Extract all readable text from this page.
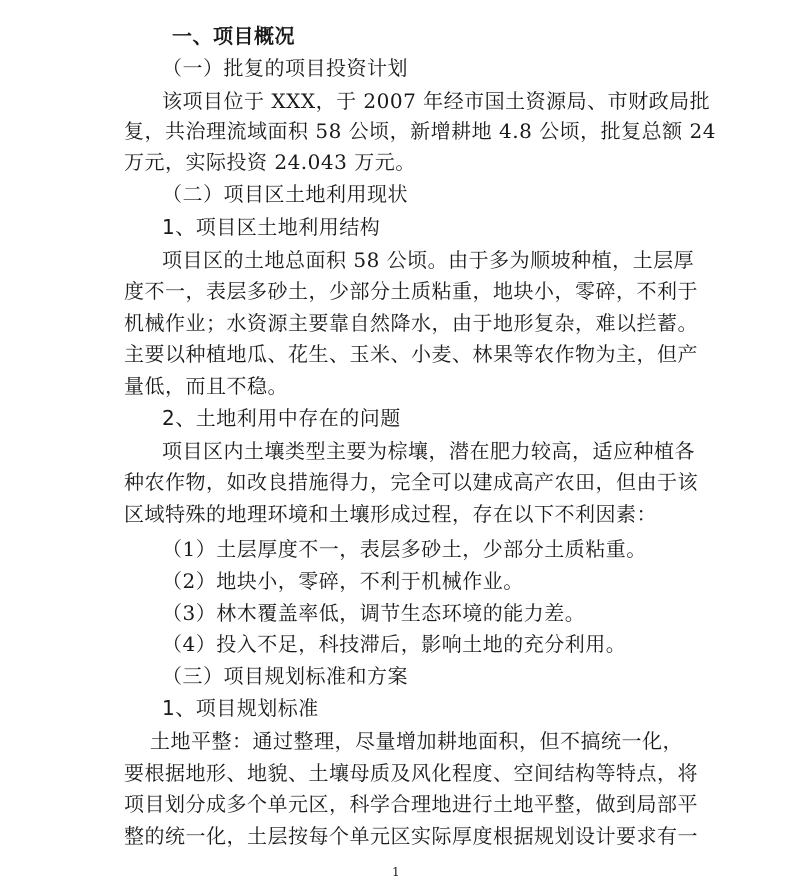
一、项目概况
（一）批复的项目投资计划
该项目位于 XXX，于 2007 年经市国土资源局、市财政局批
复，共治理流域面积 58 公顷，新增耕地 4.8 公顷，批复总额 24
万元，实际投资 24.043 万元。
（二）项目区土地利用现状
1、项目区土地利用结构
项目区的土地总面积 58 公顷。由于多为顺坡种植，土层厚
度不一，表层多砂土，少部分土质粘重，地块小，零碎，不利于
机械作业；水资源主要靠自然降水，由于地形复杂，难以拦蓄。
主要以种植地瓜、花生、玉米、小麦、林果等农作物为主，但产
量低，而且不稳。
2、土地利用中存在的问题
项目区内土壤类型主要为棕壤，潜在肥力较高，适应种植各
种农作物，如改良措施得力，完全可以建成高产农田，但由于该
区域特殊的地理环境和土壤形成过程，存在以下不利因素：
（1）土层厚度不一，表层多砂土，少部分土质粘重。
（2）地块小，零碎，不利于机械作业。
（3）林木覆盖率低，调节生态环境的能力差。
（4）投入不足，科技滞后，影响土地的充分利用。
（三）项目规划标准和方案
1、项目规划标准
土地平整：通过整理，尽量增加耕地面积，但不搞统一化，
要根据地形、地貌、土壤母质及风化程度、空间结构等特点，将
项目划分成多个单元区，科学合理地进行土地平整，做到局部平
整的统一化，土层按每个单元区实际厚度根据规划设计要求有一
1
